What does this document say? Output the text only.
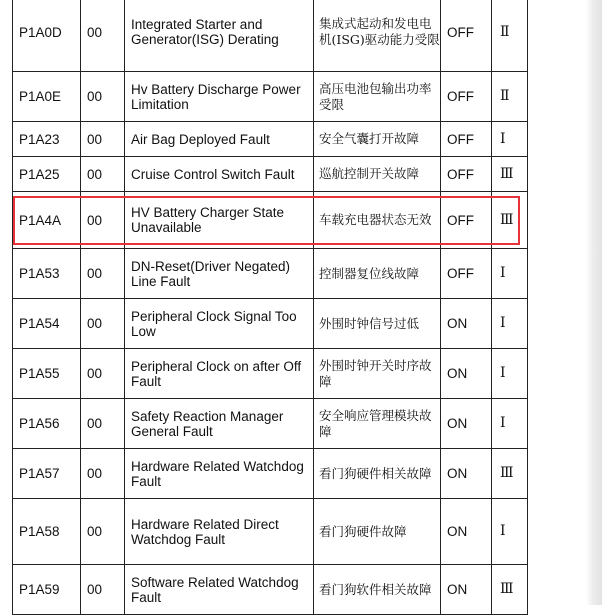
P1A0D	00	Integrated Starter and Generator(ISG) Derating	集成式起动和发电电机(ISG)驱动能力受限	OFF	Ⅱ
P1A0E	00	Hv Battery Discharge Power Limitation	高压电池包输出功率受限	OFF	Ⅱ
P1A23	00	Air Bag Deployed Fault	安全气囊打开故障	OFF	Ⅰ
P1A25	00	Cruise Control Switch Fault	巡航控制开关故障	OFF	Ⅲ
P1A4A	00	HV Battery Charger State Unavailable	车载充电器状态无效	OFF	Ⅲ
P1A53	00	DN-Reset(Driver Negated) Line Fault	控制器复位线故障	OFF	Ⅰ
P1A54	00	Peripheral Clock Signal Too Low	外围时钟信号过低	ON	Ⅰ
P1A55	00	Peripheral Clock on after Off Fault	外围时钟开关时序故障	ON	Ⅰ
P1A56	00	Safety Reaction Manager General Fault	安全响应管理模块故障	ON	Ⅰ
P1A57	00	Hardware Related Watchdog Fault	看门狗硬件相关故障	ON	Ⅲ
P1A58	00	Hardware Related Direct Watchdog Fault	看门狗硬件故障	ON	Ⅰ
P1A59	00	Software Related Watchdog Fault	看门狗软件相关故障	ON	Ⅲ
